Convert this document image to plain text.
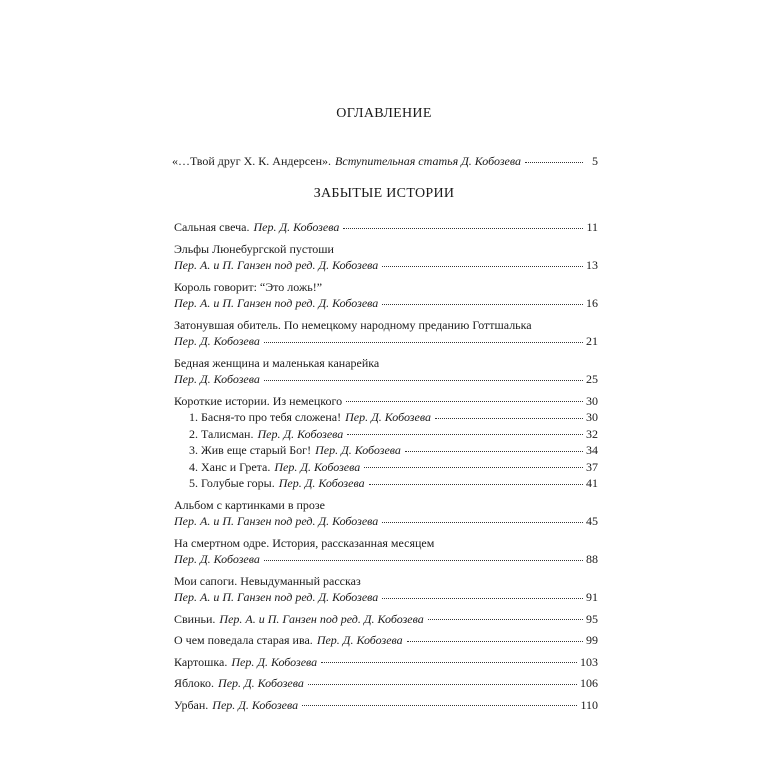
ОГЛАВЛЕНИЕ
«…Твой друг Х. К. Андерсен». Вступительная статья Д. Кобозева	5
ЗАБЫТЫЕ ИСТОРИИ
Сальная свеча. Пер. Д. Кобозева	11
Эльфы Люнебургской пустоши
Пер. А. и П. Ганзен под ред. Д. Кобозева	13
Король говорит: “Это ложь!”
Пер. А. и П. Ганзен под ред. Д. Кобозева	16
Затонувшая обитель. По немецкому народному преданию Готтшалька
Пер. Д. Кобозева	21
Бедная женщина и маленькая канарейка
Пер. Д. Кобозева	25
Короткие истории. Из немецкого	30
1. Басня-то про тебя сложена! Пер. Д. Кобозева	30
2. Талисман. Пер. Д. Кобозева	32
3. Жив еще старый Бог! Пер. Д. Кобозева	34
4. Ханс и Грета. Пер. Д. Кобозева	37
5. Голубые горы. Пер. Д. Кобозева	41
Альбом с картинками в прозе
Пер. А. и П. Ганзен под ред. Д. Кобозева	45
На смертном одре. История, рассказанная месяцем
Пер. Д. Кобозева	88
Мои сапоги. Невыдуманный рассказ
Пер. А. и П. Ганзен под ред. Д. Кобозева	91
Свиньи. Пер. А. и П. Ганзен под ред. Д. Кобозева	95
О чем поведала старая ива. Пер. Д. Кобозева	99
Картошка. Пер. Д. Кобозева	103
Яблоко. Пер. Д. Кобозева	106
Урбан. Пер. Д. Кобозева	110
